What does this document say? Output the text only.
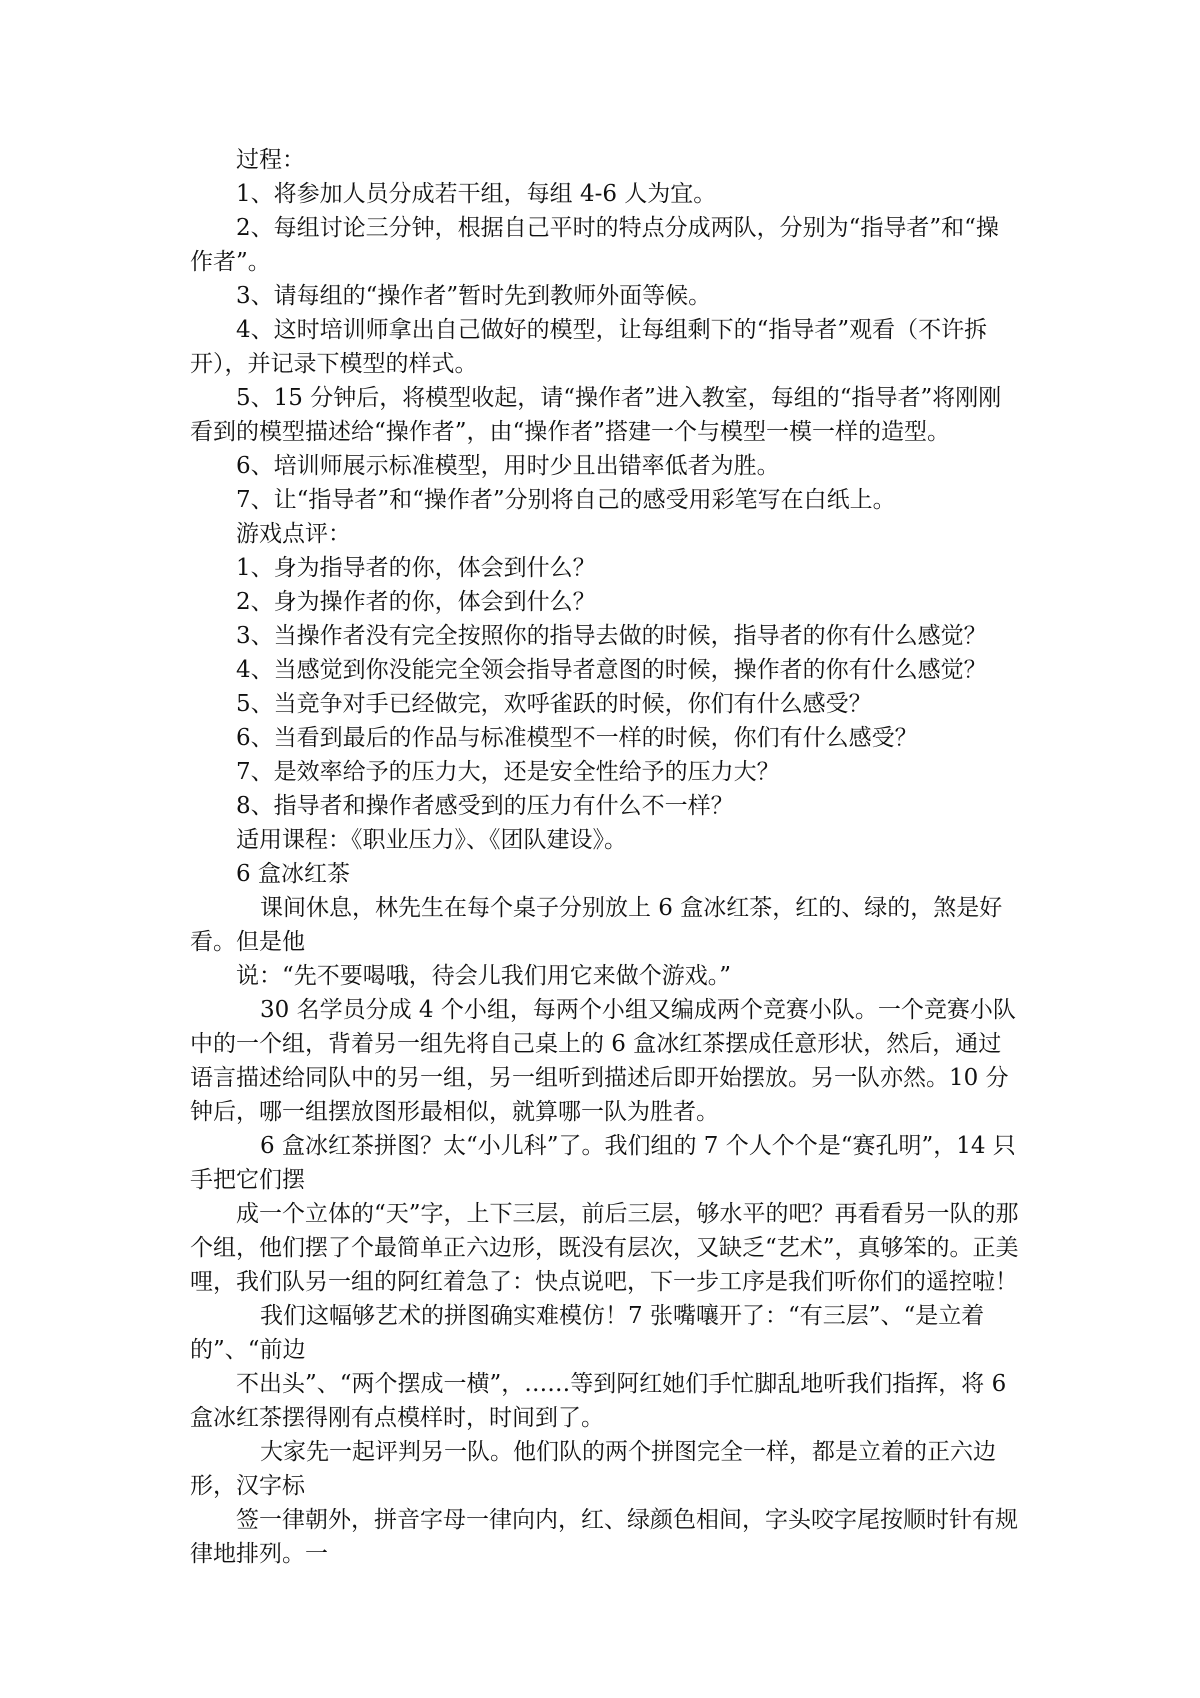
过程：

1、将参加人员分成若干组，每组 4-6 人为宜。

2、每组讨论三分钟，根据自己平时的特点分成两队，分别为“指导者”和“操作者”。

3、请每组的“操作者”暂时先到教师外面等候。

4、这时培训师拿出自己做好的模型，让每组剩下的“指导者”观看（不许拆开），并记录下模型的样式。

5、15 分钟后，将模型收起，请“操作者”进入教室，每组的“指导者”将刚刚看到的模型描述给“操作者”，由“操作者”搭建一个与模型一模一样的造型。

6、培训师展示标准模型，用时少且出错率低者为胜。

7、让“指导者”和“操作者”分别将自己的感受用彩笔写在白纸上。

游戏点评：

1、身为指导者的你，体会到什么？

2、身为操作者的你，体会到什么？

3、当操作者没有完全按照你的指导去做的时候，指导者的你有什么感觉？

4、当感觉到你没能完全领会指导者意图的时候，操作者的你有什么感觉？

5、当竞争对手已经做完，欢呼雀跃的时候，你们有什么感受？

6、当看到最后的作品与标准模型不一样的时候，你们有什么感受？

7、是效率给予的压力大，还是安全性给予的压力大？

8、指导者和操作者感受到的压力有什么不一样？

适用课程：《职业压力》、《团队建设》。

6 盒冰红茶

课间休息，林先生在每个桌子分别放上 6 盒冰红茶，红的、绿的，煞是好看。但是他

说：“先不要喝哦，待会儿我们用它来做个游戏。”

30 名学员分成 4 个小组，每两个小组又编成两个竞赛小队。一个竞赛小队中的一个组，背着另一组先将自己桌上的 6 盒冰红茶摆成任意形状，然后，通过语言描述给同队中的另一组，另一组听到描述后即开始摆放。另一队亦然。10 分钟后，哪一组摆放图形最相似，就算哪一队为胜者。

6 盒冰红茶拼图？太“小儿科”了。我们组的 7 个人个个是“赛孔明”，14 只手把它们摆

成一个立体的“天”字，上下三层，前后三层，够水平的吧？再看看另一队的那个组，他们摆了个最简单正六边形，既没有层次，又缺乏“艺术”，真够笨的。正美哩，我们队另一组的阿红着急了：快点说吧，下一步工序是我们听你们的遥控啦！

我们这幅够艺术的拼图确实难模仿！7 张嘴嚷开了：“有三层”、“是立着的”、“前边

不出头”、“两个摆成一横”，……等到阿红她们手忙脚乱地听我们指挥，将 6 盒冰红茶摆得刚有点模样时，时间到了。

大家先一起评判另一队。他们队的两个拼图完全一样，都是立着的正六边形，汉字标

签一律朝外，拼音字母一律向内，红、绿颜色相间，字头咬字尾按顺时针有规律地排列。一
